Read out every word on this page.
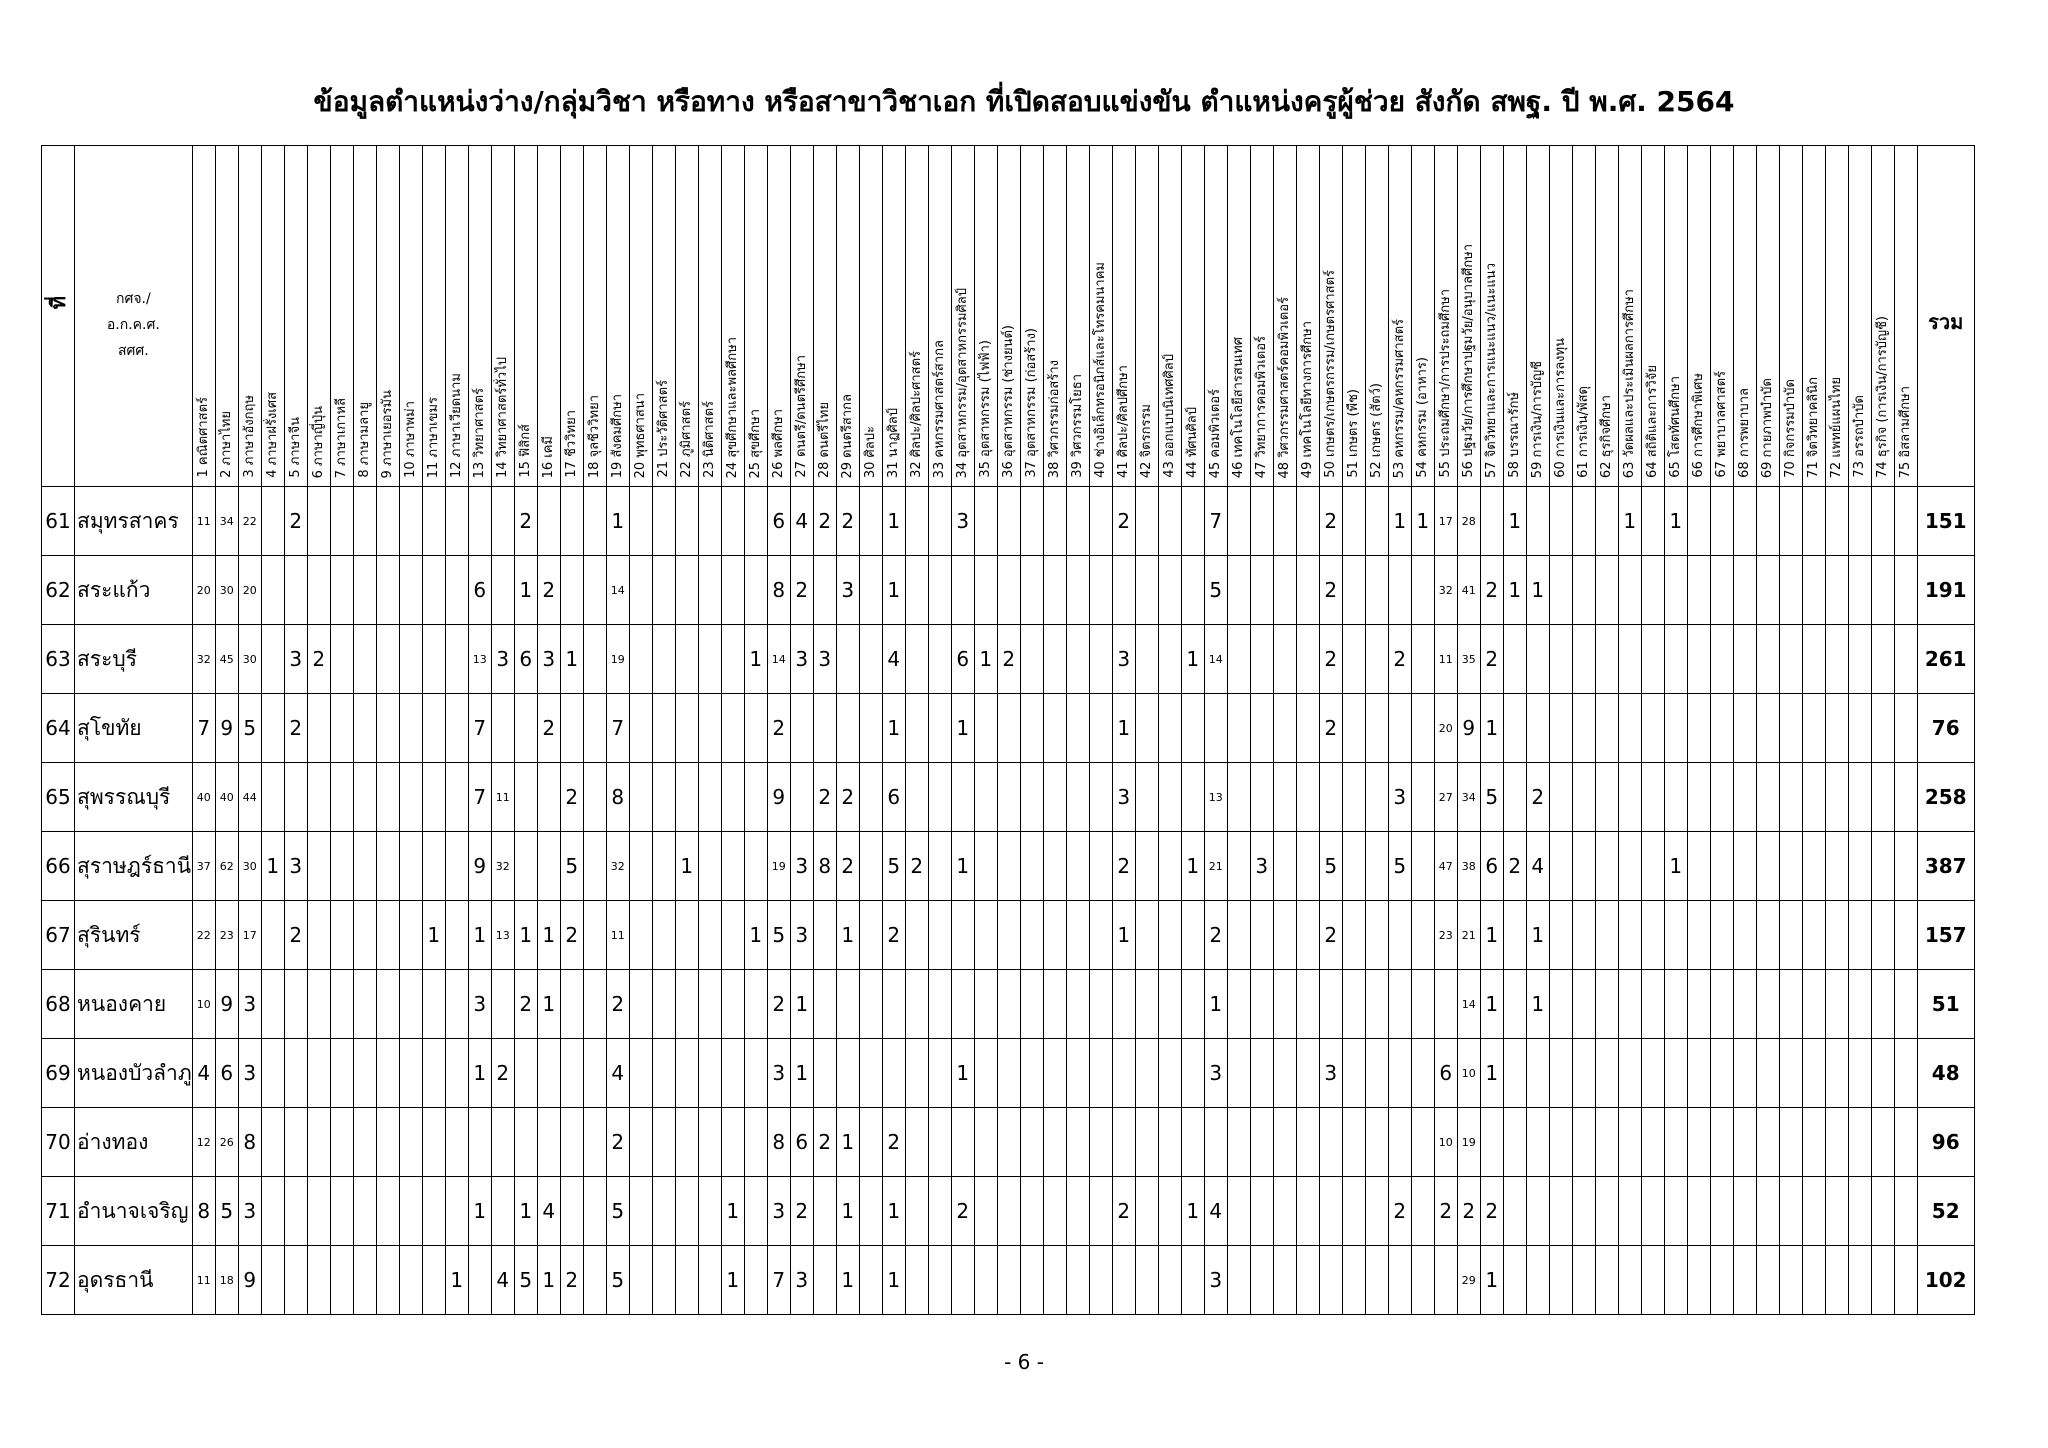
ข้อมูลตำแหน่งว่าง/กลุ่มวิชา หรือทาง หรือสาขาวิชาเอก ที่เปิดสอบแข่งขัน ตำแหน่งครูผู้ช่วย สังกัด สพฐ. ปี พ.ศ. 2564
ที่	กศจ./
อ.ก.ค.ศ.
สศศ.	1 คณิตศาสตร์	2 ภาษาไทย	3 ภาษาอังกฤษ	4 ภาษาฝรั่งเศส	5 ภาษาจีน	6 ภาษาญี่ปุ่น	7 ภาษาเกาหลี	8 ภาษามลายู	9 ภาษาเยอรมัน	10 ภาษาพม่า	11 ภาษาเขมร	12 ภาษาเวียดนาม	13 วิทยาศาสตร์	14 วิทยาศาสตร์ทั่วไป	15 ฟิสิกส์	16 เคมี	17 ชีววิทยา	18 จุลชีววิทยา	19 สังคมศึกษา	20 พุทธศาสนา	21 ประวัติศาสตร์	22 ภูมิศาสตร์	23 นิติศาสตร์	24 สุขศึกษาและพลศึกษา	25 สุขศึกษา	26 พลศึกษา	27 ดนตรี/ดนตรีศึกษา	28 ดนตรีไทย	29 ดนตรีสากล	30 ศิลปะ	31 นาฏศิลป์	32 ศิลปะ/ศิลปะศาสตร์	33 คหกรรมศาสตร์สากล	34 อุตสาหกรรม/อุตสาหกรรมศิลป์	35 อุตสาหกรรม (ไฟฟ้า)	36 อุตสาหกรรม (ช่างยนต์)	37 อุตสาหกรรม (ก่อสร้าง)	38 วิศวกรรมก่อสร้าง	39 วิศวกรรมโยธา	40 ช่างอิเล็กทรอนิกส์และโทรคมนาคม	41 ศิลปะ/ศิลปศึกษา	42 จิตรกรรม	43 ออกแบบนิเทศศิลป์	44 ทัศนศิลป์	45 คอมพิวเตอร์	46 เทคโนโลยีสารสนเทศ	47 วิทยาการคอมพิวเตอร์	48 วิศวกรรมศาสตร์คอมพิวเตอร์	49 เทคโนโลยีทางการศึกษา	50 เกษตร/เกษตรกรรม/เกษตรศาสตร์	51 เกษตร (พืช)	52 เกษตร (สัตว์)	53 คหกรรม/คหกรรมศาสตร์	54 คหกรรม (อาหาร)	55 ประถมศึกษา/การประถมศึกษา	56 ปฐมวัย/การศึกษาปฐมวัย/อนุบาลศึกษา	57 จิตวิทยาและการแนะแนว/แนะแนว	58 บรรณารักษ์	59 การเงิน/การบัญชี	60 การเงินและการลงทุน	61 การเงิน/พัสดุ	62 ธุรกิจศึกษา	63 วัดผลและประเมินผลการศึกษา	64 สถิติและการวิจัย	65 โสตทัศนศึกษา	66 การศึกษาพิเศษ	67 พยาบาลศาสตร์	68 การพยาบาล	69 กายภาพบำบัด	70 กิจกรรมบำบัด	71 จิตวิทยาคลินิก	72 แพทย์แผนไทย	73 อรรถบำบัด	74 ธุรกิจ (การเงิน/การบัญชี)	75 อิสลามศึกษา	รวม

61	สมุทรสาคร	11	34	22		2										2				1							6	4	2	2		1			3							2				7					2			1	1	17	28		1					1		1											151
62	สระแก้ว	20	30	20										6		1	2			14							8	2		3		1														5					2					32	41	2	1	1																	191
63	สระบุรี	32	45	30		3	2							13	3	6	3	1		19						1	14	3	3			4			6	1	2					3			1	14					2			2		11	35	2																			261
64	สุโขทัย	7	9	5		2								7			2			7							2					1			1							1									2					20	9	1																			76
65	สุพรรณบุรี	40	40	44										7	11			2		8							9		2	2		6										3				13								3		27	34	5		2																	258
66	สุราษฎร์ธานี	37	62	30	1	3								9	32			5		32			1				19	3	8	2		5	2		1							2			1	21		3			5			5		47	38	6	2	4						1											387
67	สุรินทร์	22	23	17		2						1		1	13	1	1	2		11						1	5	3		1		2										1				2					2					23	21	1		1																	157
68	หนองคาย	10	9	3										3		2	1			2							2	1																		1											14	1		1																	51
69	หนองบัวลำภู	4	6	3										1	2					4							3	1							1											3					3					6	10	1																			48
70	อ่างทอง	12	26	8																2							8	6	2	1		2																								10	19																				96
71	อำนาจเจริญ	8	5	3										1		1	4			5					1		3	2		1		1			2							2			1	4								2		2	2	2																			52
72	อุดรธานี	11	18	9									1		4	5	1	2		5					1		7	3		1		1														3											29	1																			102
- 6 -
